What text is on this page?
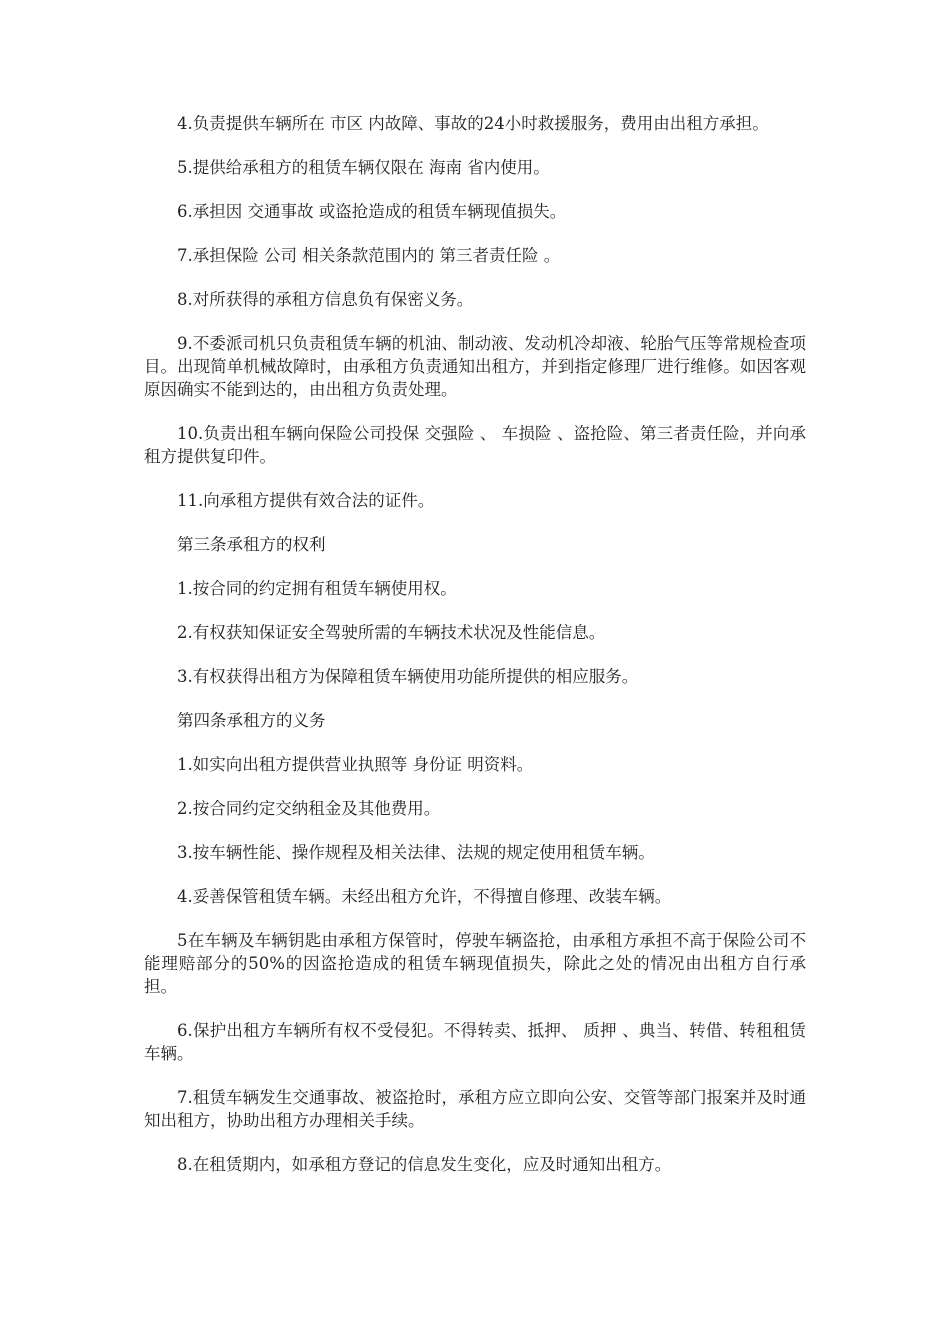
4.负责提供车辆所在 市区 内故障、事故的24小时救援服务，费用由出租方承担。

5.提供给承租方的租赁车辆仅限在 海南 省内使用。

6.承担因 交通事故 或盗抢造成的租赁车辆现值损失。

7.承担保险 公司 相关条款范围内的 第三者责任险 。

8.对所获得的承租方信息负有保密义务。

9.不委派司机只负责租赁车辆的机油、制动液、发动机冷却液、轮胎气压等常规检查项目。出现简单机械故障时，由承租方负责通知出租方，并到指定修理厂进行维修。如因客观原因确实不能到达的，由出租方负责处理。

10.负责出租车辆向保险公司投保 交强险 、 车损险 、盗抢险、第三者责任险，并向承租方提供复印件。

11.向承租方提供有效合法的证件。

第三条承租方的权利

1.按合同的约定拥有租赁车辆使用权。

2.有权获知保证安全驾驶所需的车辆技术状况及性能信息。

3.有权获得出租方为保障租赁车辆使用功能所提供的相应服务。

第四条承租方的义务

1.如实向出租方提供营业执照等 身份证 明资料。

2.按合同约定交纳租金及其他费用。

3.按车辆性能、操作规程及相关法律、法规的规定使用租赁车辆。

4.妥善保管租赁车辆。未经出租方允许，不得擅自修理、改装车辆。

5在车辆及车辆钥匙由承租方保管时，停驶车辆盗抢，由承租方承担不高于保险公司不能理赔部分的50%的因盗抢造成的租赁车辆现值损失，除此之处的情况由出租方自行承担。

6.保护出租方车辆所有权不受侵犯。不得转卖、抵押、 质押 、典当、转借、转租租赁车辆。

7.租赁车辆发生交通事故、被盗抢时，承租方应立即向公安、交管等部门报案并及时通知出租方，协助出租方办理相关手续。

8.在租赁期内，如承租方登记的信息发生变化，应及时通知出租方。
